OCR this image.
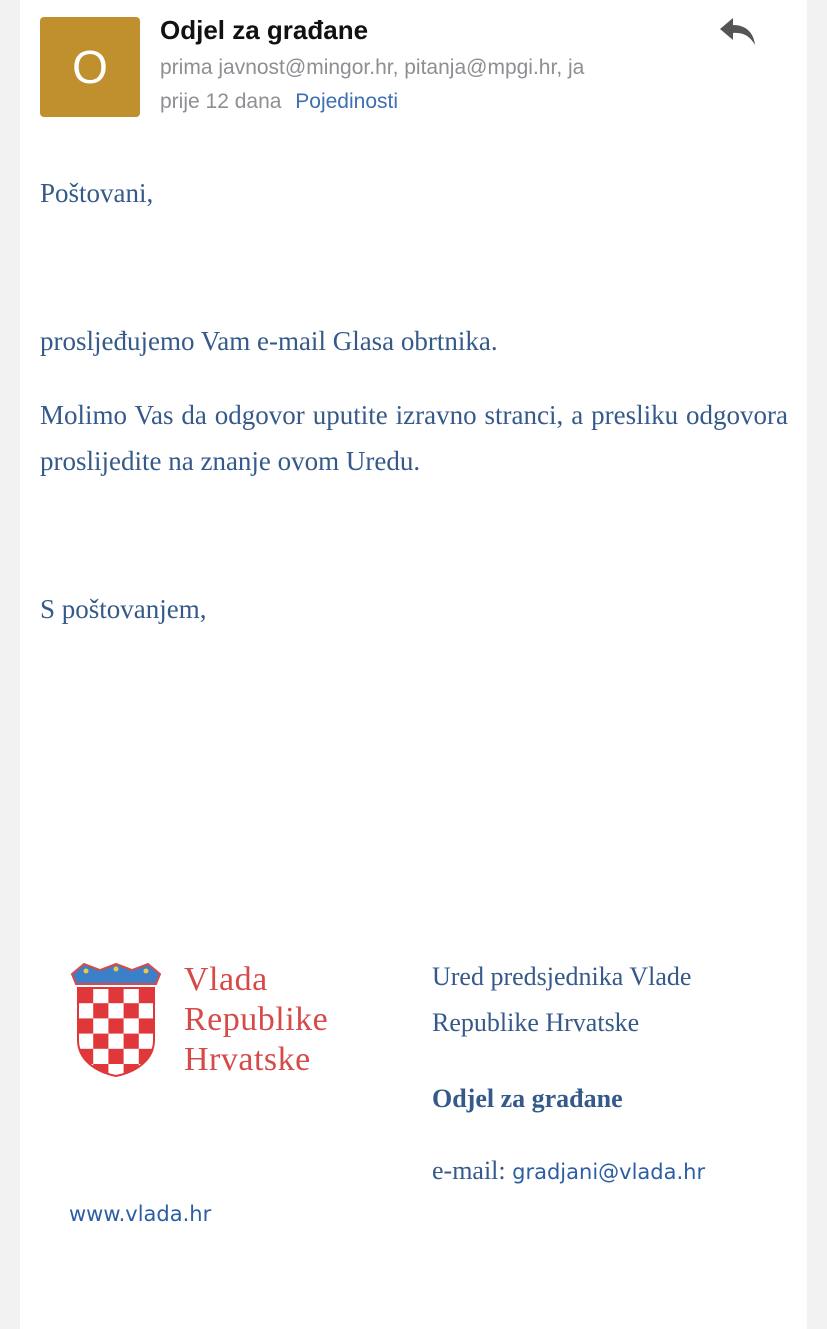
O
Odjel za građane
prima javnost@mingor.hr, pitanja@mpgi.hr, ja
prije 12 dana Pojedinosti
Poštovani,
prosljeđujemo Vam e-mail Glasa obrtnika.
Molimo Vas da odgovor uputite izravno stranci, a presliku odgovora proslijedite na znanje ovom Uredu.
S poštovanjem,
Vlada
Republike
Hrvatske
Ured predsjednika Vlade
Republike Hrvatske
Odjel za građane
e-mail: gradjani@vlada.hr
www.vlada.hr
